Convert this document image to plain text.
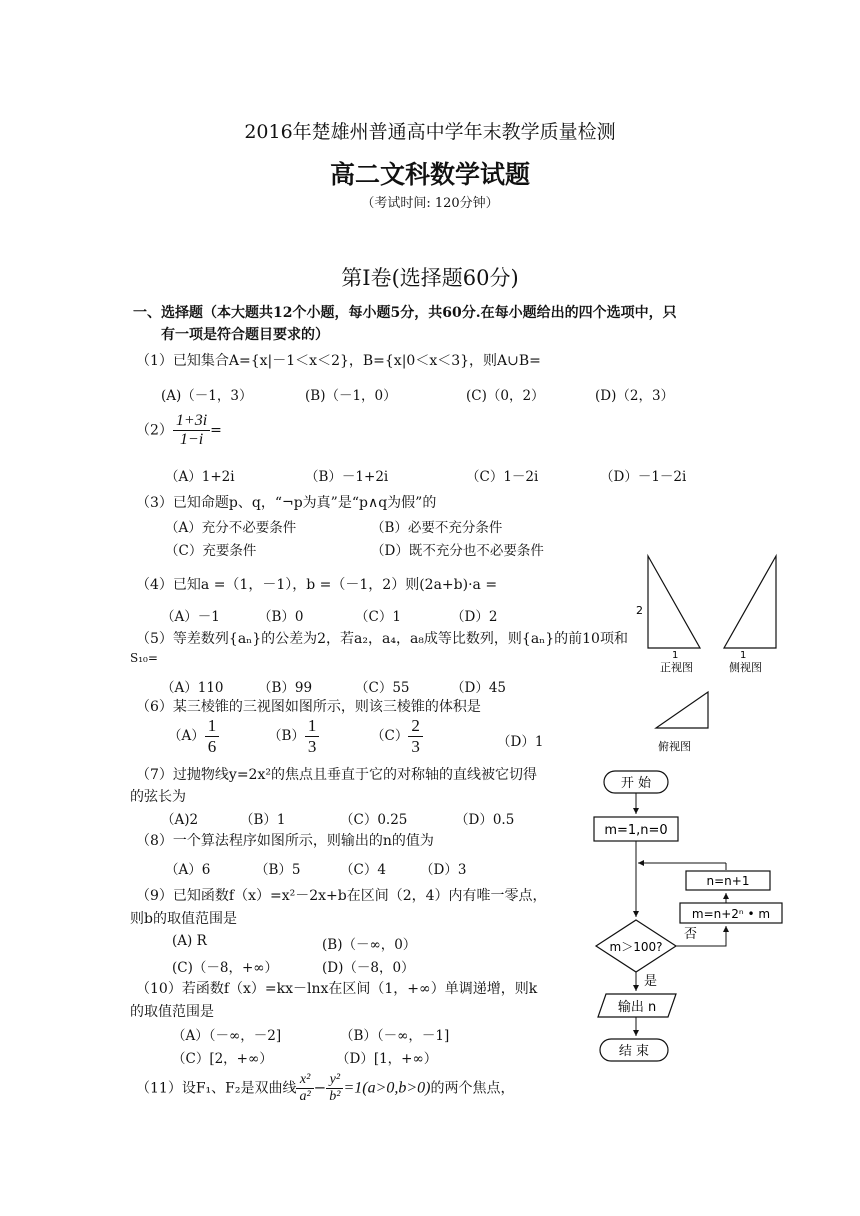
2016年楚雄州普通高中学年末教学质量检测
高二文科数学试题
（考试时间: 120分钟）
第Ⅰ卷(选择题60分)
一、选择题（本大题共12个小题，每小题5分，共60分.在每小题给出的四个选项中，只
有一项是符合题目要求的）
（1）已知集合A={x|－1＜x＜2}，B={x|0＜x＜3}，则A∪B=
(A)（－1，3）	(B)（－1，0）	(C)（0，2）	(D)（2，3）
$(2) \frac{1+3i}{1-i}$ =
（A）1+2i	（B）－1+2i	（C）1－2i	（D）－1－2i
（3）已知命题p、q，“¬p为真”是“p∧q为假”的
（A）充分不必要条件	（B）必要不充分条件
（C）充要条件	（D）既不充分也不必要条件
（4）已知a =（1，－1），b =（－1，2）则(2a+b)·a =
（A）－1	（B）0	（C）1	（D）2
（5）等差数列{aₙ}的公差为2，若a₂，a₄，a₈成等比数列，则{aₙ}的前10项和
S₁₀=
（A）110	（B）99	（C）55	（D）45
（6）某三棱锥的三视图如图所示，则该三棱锥的体积是
$(A) \frac{1}{6}$	$(B) \frac{1}{3}$	$(C) \frac{2}{3}$	（D）1
（7）过抛物线y=2x²的焦点且垂直于它的对称轴的直线被它切得
的弦长为
（A)2	（B）1	（C）0.25	（D）0.5
（8）一个算法程序如图所示，则输出的n的值为
（A）6	（B）5	（C）4	（D）3
（9）已知函数f（x）=x²－2x+b在区间（2，4）内有唯一零点，
则b的取值范围是
(A) R	(B)（－∞，0）
(C)（－8，+∞）	(D)（－8，0）
（10）若函数f（x）=kx－lnx在区间（1，+∞）单调递增，则k
的取值范围是
（A）（－∞，－2]	（B）（－∞，－1]
（C）[2，+∞）	（D）[1，+∞）
（11）设F₁、F₂是双曲线 $\frac{\text{x²}}{\text{a²}} - \frac{\text{y²}}{\text{b²}} =1(a>0,b>0)$的两个焦点，
2
1	1
正视图	侧视图
俯视图
开 始
m=1,n=0
n=n+1
m=n+2ⁿ • m
否
m＞100?
是
输出 n
结 束
